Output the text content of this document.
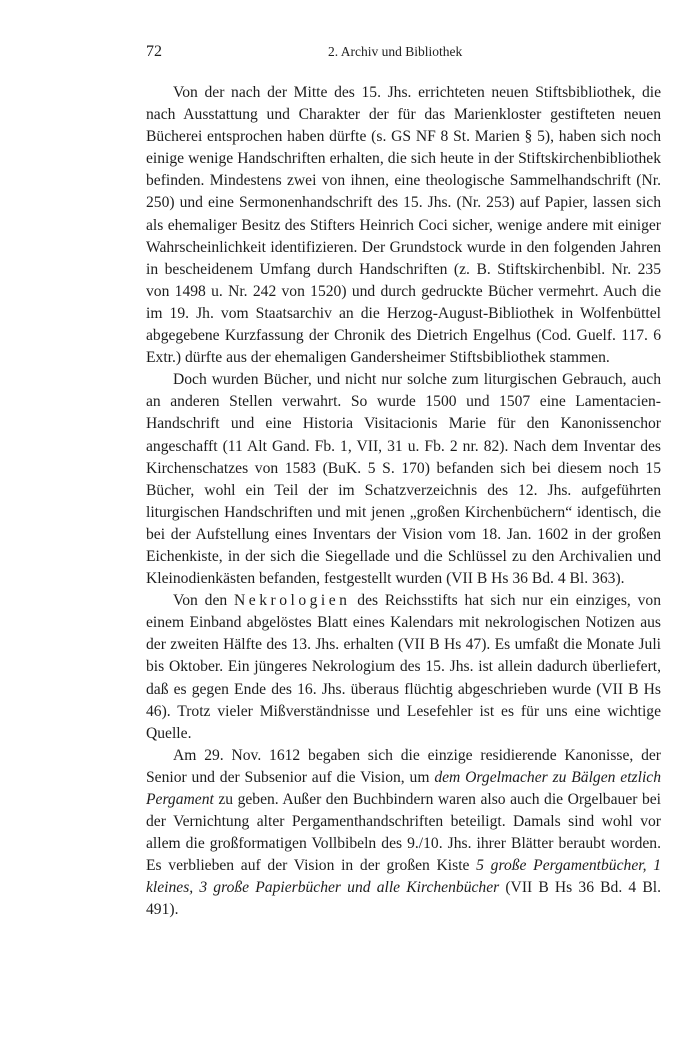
72	2. Archiv und Bibliothek

Von der nach der Mitte des 15. Jhs. errichteten neuen Stiftsbibliothek, die nach Ausstattung und Charakter der für das Marienkloster gestifteten neuen Bücherei entsprochen haben dürfte (s. GS NF 8 St. Marien § 5), haben sich noch einige wenige Handschriften erhalten, die sich heute in der Stiftskirchenbibliothek befinden. Mindestens zwei von ihnen, eine theologische Sammelhandschrift (Nr. 250) und eine Sermonenhandschrift des 15. Jhs. (Nr. 253) auf Papier, lassen sich als ehemaliger Besitz des Stifters Heinrich Coci sicher, wenige andere mit einiger Wahrscheinlichkeit identifizieren. Der Grundstock wurde in den folgenden Jahren in bescheidenem Umfang durch Handschriften (z. B. Stiftskirchenbibl. Nr. 235 von 1498 u. Nr. 242 von 1520) und durch gedruckte Bücher vermehrt. Auch die im 19. Jh. vom Staatsarchiv an die Herzog-August-Bibliothek in Wolfenbüttel abgegebene Kurzfassung der Chronik des Dietrich Engelhus (Cod. Guelf. 117. 6 Extr.) dürfte aus der ehemaligen Gandersheimer Stiftsbibliothek stammen.

Doch wurden Bücher, und nicht nur solche zum liturgischen Gebrauch, auch an anderen Stellen verwahrt. So wurde 1500 und 1507 eine Lamentacien-Handschrift und eine Historia Visitacionis Marie für den Kanonissenchor angeschafft (11 Alt Gand. Fb. 1, VII, 31 u. Fb. 2 nr. 82). Nach dem Inventar des Kirchenschatzes von 1583 (BuK. 5 S. 170) befanden sich bei diesem noch 15 Bücher, wohl ein Teil der im Schatzverzeichnis des 12. Jhs. aufgeführten liturgischen Handschriften und mit jenen „großen Kirchenbüchern“ identisch, die bei der Aufstellung eines Inventars der Vision vom 18. Jan. 1602 in der großen Eichenkiste, in der sich die Siegellade und die Schlüssel zu den Archivalien und Kleinodienkästen befanden, festgestellt wurden (VII B Hs 36 Bd. 4 Bl. 363).

Von den Nekrologien des Reichsstifts hat sich nur ein einziges, von einem Einband abgelöstes Blatt eines Kalendars mit nekrologischen Notizen aus der zweiten Hälfte des 13. Jhs. erhalten (VII B Hs 47). Es umfaßt die Monate Juli bis Oktober. Ein jüngeres Nekrologium des 15. Jhs. ist allein dadurch überliefert, daß es gegen Ende des 16. Jhs. überaus flüchtig abgeschrieben wurde (VII B Hs 46). Trotz vieler Mißverständnisse und Lesefehler ist es für uns eine wichtige Quelle.

Am 29. Nov. 1612 begaben sich die einzige residierende Kanonisse, der Senior und der Subsenior auf die Vision, um dem Orgelmacher zu Bälgen etzlich Pergament zu geben. Außer den Buchbindern waren also auch die Orgelbauer bei der Vernichtung alter Pergamenthandschriften beteiligt. Damals sind wohl vor allem die großformatigen Vollbibeln des 9./10. Jhs. ihrer Blätter beraubt worden. Es verblieben auf der Vision in der großen Kiste 5 große Pergamentbücher, 1 kleines, 3 große Papierbücher und alle Kirchenbücher (VII B Hs 36 Bd. 4 Bl. 491).
